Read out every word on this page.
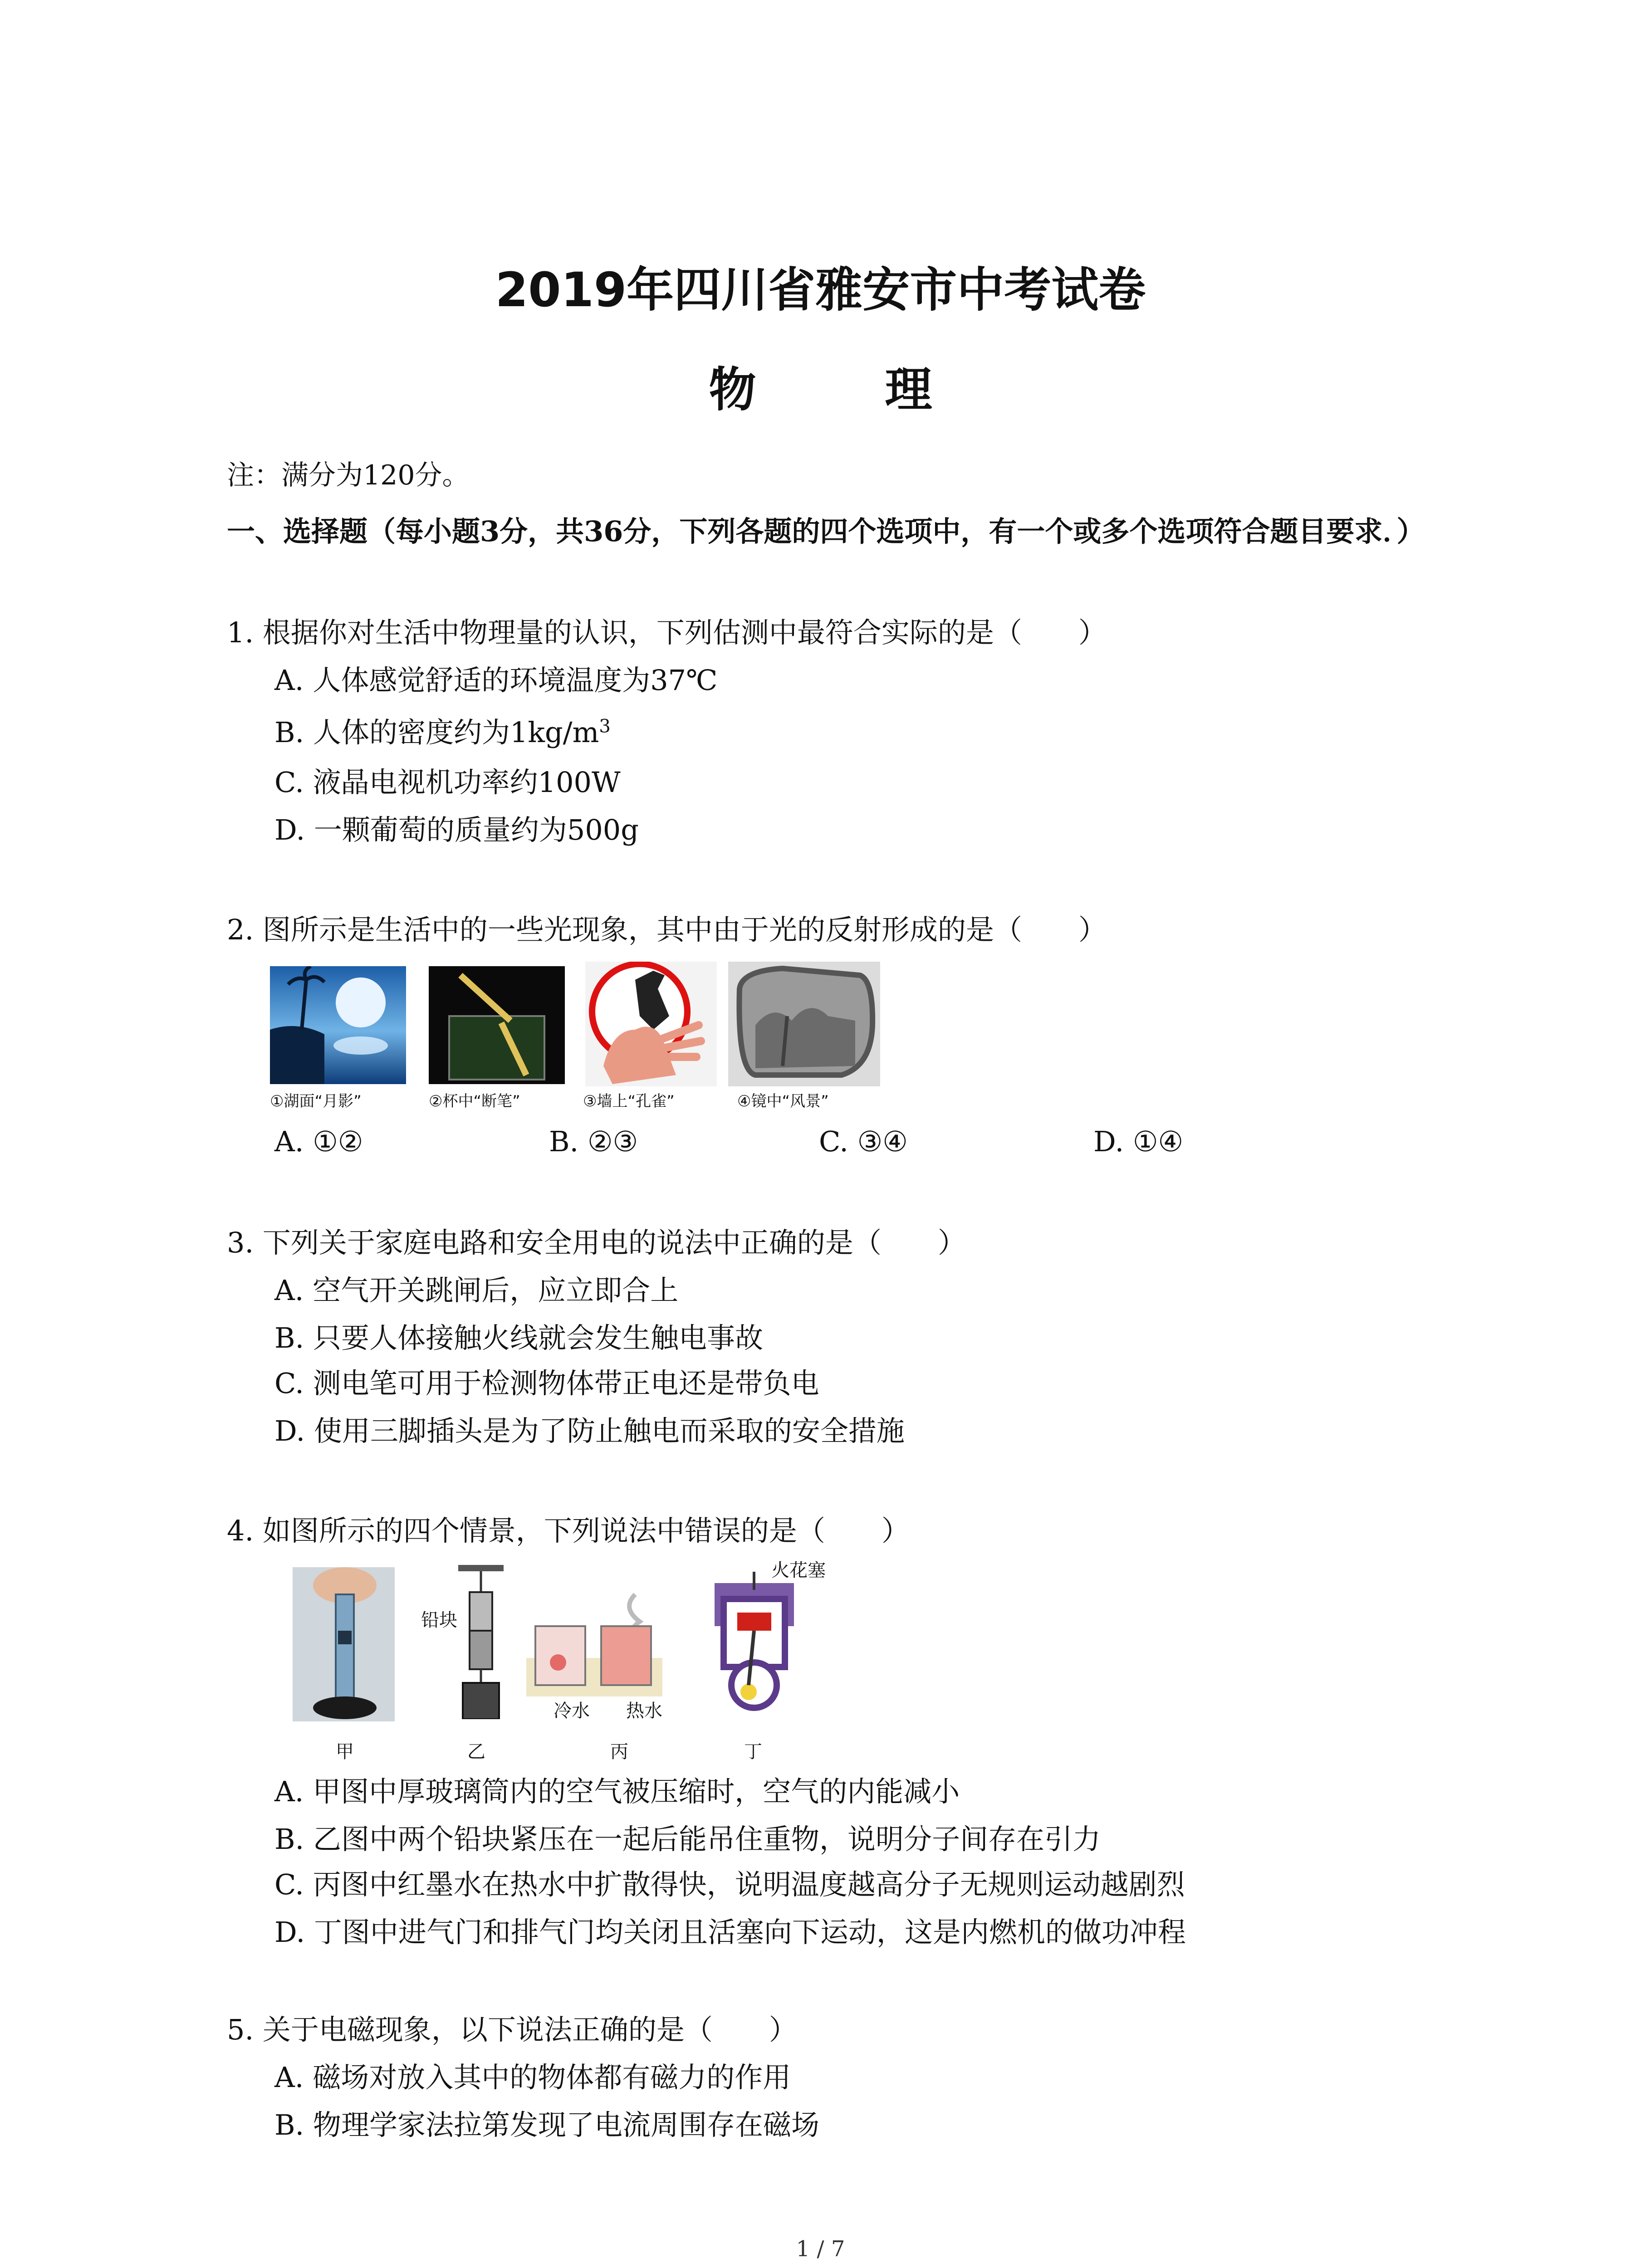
2019年四川省雅安市中考试卷
物　理
注：满分为120分。
一、选择题（每小题3分，共36分，下列各题的四个选项中，有一个或多个选项符合题目要求．）
1. 根据你对生活中物理量的认识，下列估测中最符合实际的是（　　）
A. 人体感觉舒适的环境温度为37℃
B. 人体的密度约为$1kg/m^3$
C. 液晶电视机功率约100W
D. 一颗葡萄的质量约为500g
2. 图所示是生活中的一些光现象，其中由于光的反射形成的是（　　）
①湖面“月影”	②杯中“断笔”	③墙上“孔雀”	④镜中“风景”
A. ①②	B. ②③	C. ③④	D. ①④
3. 下列关于家庭电路和安全用电的说法中正确的是（　　）
A. 空气开关跳闸后，应立即合上
B. 只要人体接触火线就会发生触电事故
C. 测电笔可用于检测物体带正电还是带负电
D. 使用三脚插头是为了防止触电而采取的安全措施
4. 如图所示的四个情景，下列说法中错误的是（　　）
甲
铅块
乙
冷水 热水
丙
火花塞
丁
A. 甲图中厚玻璃筒内的空气被压缩时，空气的内能减小
B. 乙图中两个铅块紧压在一起后能吊住重物，说明分子间存在引力
C. 丙图中红墨水在热水中扩散得快，说明温度越高分子无规则运动越剧烈
D. 丁图中进气门和排气门均关闭且活塞向下运动，这是内燃机的做功冲程
5. 关于电磁现象，以下说法正确的是（　　）
A. 磁场对放入其中的物体都有磁力的作用
B. 物理学家法拉第发现了电流周围存在磁场
1 / 7
